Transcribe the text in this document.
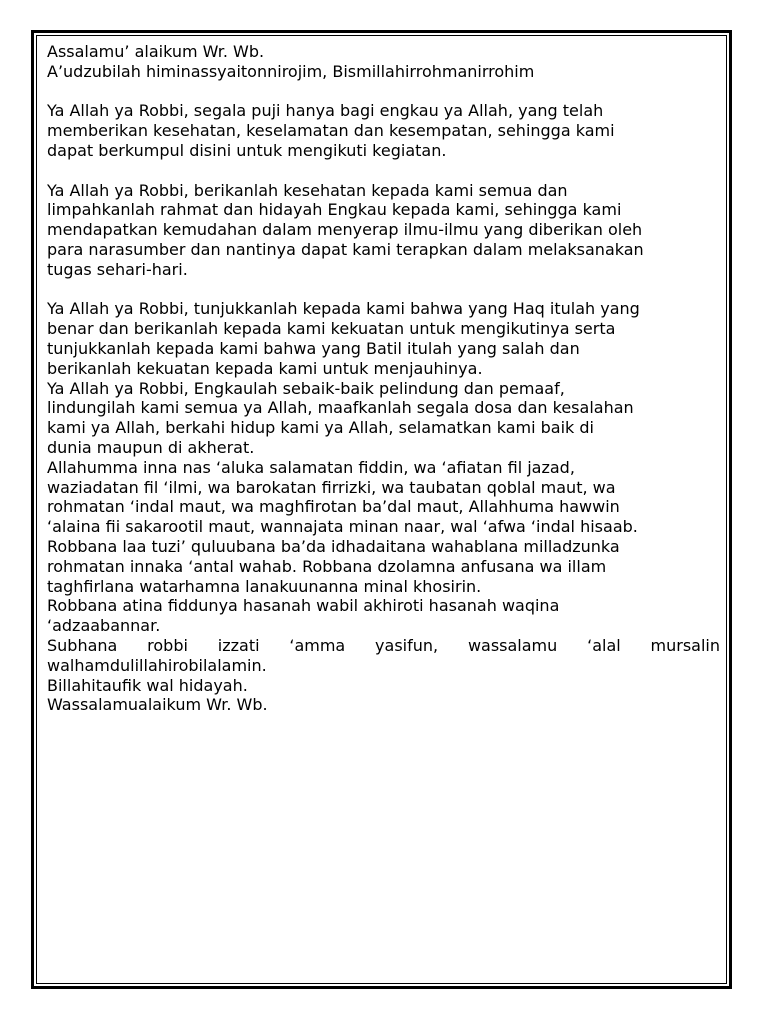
Assalamu’ alaikum Wr. Wb.
A’udzubilah himinassyaitonnirojim, Bismillahirrohmanirrohim
Ya Allah ya Robbi, segala puji hanya bagi engkau ya Allah, yang telah
memberikan kesehatan, keselamatan dan kesempatan, sehingga kami
dapat berkumpul disini untuk mengikuti kegiatan.
Ya Allah ya Robbi, berikanlah kesehatan kepada kami semua dan
limpahkanlah rahmat dan hidayah Engkau kepada kami, sehingga kami
mendapatkan kemudahan dalam menyerap ilmu-ilmu yang diberikan oleh
para narasumber dan nantinya dapat kami terapkan dalam melaksanakan
tugas sehari-hari.
Ya Allah ya Robbi, tunjukkanlah kepada kami bahwa yang Haq itulah yang
benar dan berikanlah kepada kami kekuatan untuk mengikutinya serta
tunjukkanlah kepada kami bahwa yang Batil itulah yang salah dan
berikanlah kekuatan kepada kami untuk menjauhinya.
Ya Allah ya Robbi, Engkaulah sebaik-baik pelindung dan pemaaf,
lindungilah kami semua ya Allah, maafkanlah segala dosa dan kesalahan
kami ya Allah, berkahi hidup kami ya Allah, selamatkan kami baik di
dunia maupun di akherat.
Allahumma inna nas ‘aluka salamatan fiddin, wa ‘afiatan fil jazad,
waziadatan fil ‘ilmi, wa barokatan firrizki, wa taubatan qoblal maut, wa
rohmatan ‘indal maut, wa maghfirotan ba’dal maut, Allahhuma hawwin
‘alaina fii sakarootil maut, wannajata minan naar, wal ‘afwa ‘indal hisaab.
Robbana laa tuzi’ quluubana ba’da idhadaitana wahablana milladzunka
rohmatan innaka ‘antal wahab. Robbana dzolamna anfusana wa illam
taghfirlana watarhamna lanakuunanna minal khosirin.
Robbana atina fiddunya hasanah wabil akhiroti hasanah waqina
‘adzaabannar.
Subhana robbi izzati ‘amma yasifun, wassalamu ‘alal mursalin
walhamdulillahirobilalamin.
Billahitaufik wal hidayah.
Wassalamualaikum Wr. Wb.
